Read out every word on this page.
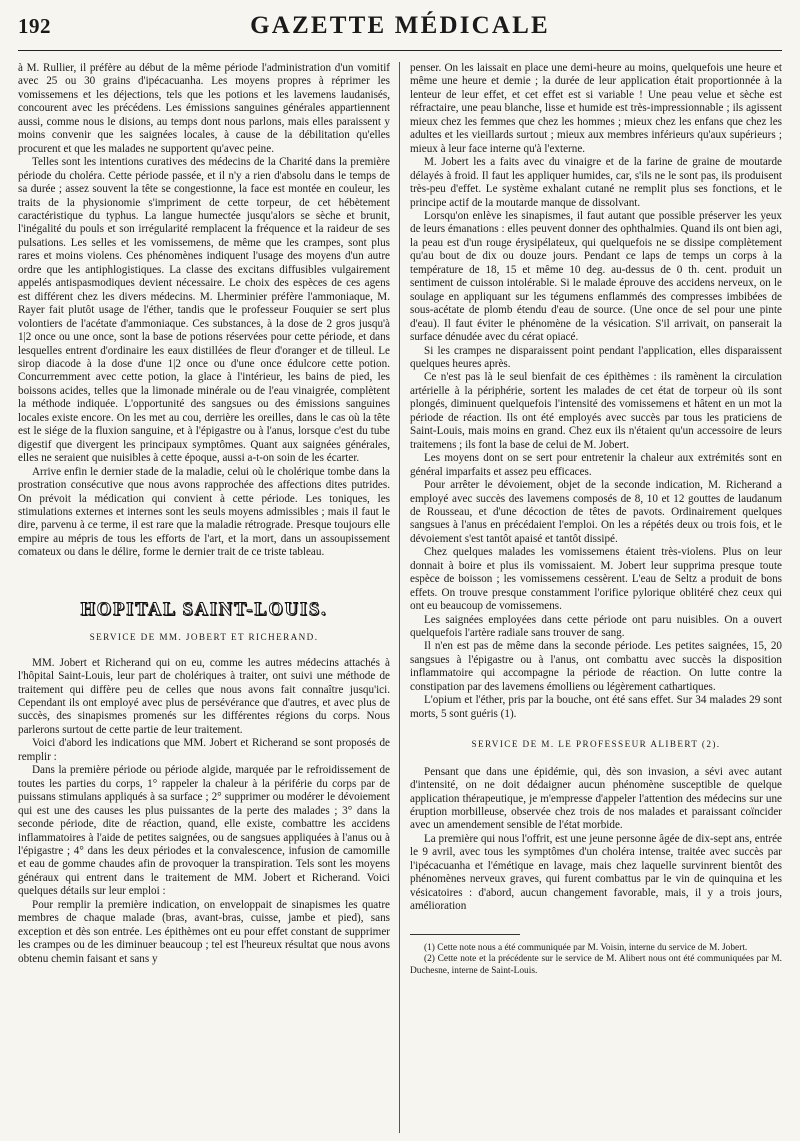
192	GAZETTE MÉDICALE

à M. Rullier, il préfère au début de la même période l'administration d'un vomitif avec 25 ou 30 grains d'ipécacuanha. Les moyens propres à réprimer les vomissemens et les déjections, tels que les potions et les lavemens laudanisés, concourent avec les précédens. Les émissions sanguines générales appartiennent aussi, comme nous le disions, au temps dont nous parlons, mais elles paraissent y moins convenir que les saignées locales, à cause de la débilitation qu'elles procurent et que les malades ne supportent qu'avec peine.

Telles sont les intentions curatives des médecins de la Charité dans la première période du choléra. Cette période passée, et il n'y a rien d'absolu dans le temps de sa durée ; assez souvent la tête se congestionne, la face est montée en couleur, les traits de la physionomie s'impriment de cette torpeur, de cet hébètement caractéristique du typhus. La langue humectée jusqu'alors se sèche et brunit, l'inégalité du pouls et son irrégularité remplacent la fréquence et la raideur de ses pulsations. Les selles et les vomissemens, de même que les crampes, sont plus rares et moins violens. Ces phénomènes indiquent l'usage des moyens d'un autre ordre que les antiphlogistiques. La classe des excitans diffusibles vulgairement appelés antispasmodiques devient nécessaire. Le choix des espèces de ces agens est différent chez les divers médecins. M. Lherminier préfère l'ammoniaque, M. Rayer fait plutôt usage de l'éther, tandis que le professeur Fouquier se sert plus volontiers de l'acétate d'ammoniaque. Ces substances, à la dose de 2 gros jusqu'à 1|2 once ou une once, sont la base de potions réservées pour cette période, et dans lesquelles entrent d'ordinaire les eaux distillées de fleur d'oranger et de tilleul. Le sirop diacode à la dose d'une 1|2 once ou d'une once édulcore cette potion. Concurremment avec cette potion, la glace à l'intérieur, les bains de pied, les boissons acides, telles que la limonade minérale ou de l'eau vinaigrée, complètent la méthode indiquée. L'opportunité des sangsues ou des émissions sanguines locales existe encore. On les met au cou, derrière les oreilles, dans le cas où la tête est le siége de la fluxion sanguine, et à l'épigastre ou à l'anus, lorsque c'est du tube digestif que divergent les principaux symptômes. Quant aux saignées générales, elles ne seraient que nuisibles à cette époque, aussi a-t-on soin de les écarter.

Arrive enfin le dernier stade de la maladie, celui où le cholérique tombe dans la prostration consécutive que nous avons rapprochée des affections dites putrides. On prévoit la médication qui convient à cette période. Les toniques, les stimulations externes et internes sont les seuls moyens admissibles ; mais il faut le dire, parvenu à ce terme, il est rare que la maladie rétrograde. Presque toujours elle empire au mépris de tous les efforts de l'art, et la mort, dans un assoupissement comateux ou dans le délire, forme le dernier trait de ce triste tableau.

HOPITAL SAINT-LOUIS.
SERVICE DE MM. JOBERT ET RICHERAND.

MM. Jobert et Richerand qui on eu, comme les autres médecins attachés à l'hôpital Saint-Louis, leur part de cholériques à traiter, ont suivi une méthode de traitement qui diffère peu de celles que nous avons fait connaître jusqu'ici. Cependant ils ont employé avec plus de persévérance que d'autres, et avec plus de succès, des sinapismes promenés sur les différentes régions du corps. Nous parlerons surtout de cette partie de leur traitement.

Voici d'abord les indications que MM. Jobert et Richerand se sont proposés de remplir :

Dans la première période ou période algide, marquée par le refroidissement de toutes les parties du corps, 1° rappeler la chaleur à la périférie du corps par de puissans stimulans appliqués à sa surface ; 2° supprimer ou modérer le dévoiement qui est une des causes les plus puissantes de la perte des malades ; 3° dans la seconde période, dite de réaction, quand, elle existe, combattre les accidens inflammatoires à l'aide de petites saignées, ou de sangsues appliquées à l'anus ou à l'épigastre ; 4° dans les deux périodes et la convalescence, infusion de camomille et eau de gomme chaudes afin de provoquer la transpiration. Tels sont les moyens généraux qui entrent dans le traitement de MM. Jobert et Richerand. Voici quelques détails sur leur emploi :

Pour remplir la première indication, on enveloppait de sinapismes les quatre membres de chaque malade (bras, avant-bras, cuisse, jambe et pied), sans exception et dès son entrée. Les épithèmes ont eu pour effet constant de supprimer les crampes ou de les diminuer beaucoup ; tel est l'heureux résultat que nous avons obtenu chemin faisant et sans y

penser. On les laissait en place une demi-heure au moins, quelquefois une heure et même une heure et demie ; la durée de leur application était proportionnée à la lenteur de leur effet, et cet effet est si variable ! Une peau velue et sèche est réfractaire, une peau blanche, lisse et humide est très-impressionnable ; ils agissent mieux chez les femmes que chez les hommes ; mieux chez les enfans que chez les adultes et les vieillards surtout ; mieux aux membres inférieurs qu'aux supérieurs ; mieux à leur face interne qu'à l'externe.

M. Jobert les a faits avec du vinaigre et de la farine de graine de moutarde délayés à froid. Il faut les appliquer humides, car, s'ils ne le sont pas, ils produisent très-peu d'effet. Le système exhalant cutané ne remplit plus ses fonctions, et le principe actif de la moutarde manque de dissolvant.

Lorsqu'on enlève les sinapismes, il faut autant que possible préserver les yeux de leurs émanations : elles peuvent donner des ophthalmies. Quand ils ont bien agi, la peau est d'un rouge érysipélateux, qui quelquefois ne se dissipe complètement qu'au bout de dix ou douze jours. Pendant ce laps de temps un corps à la température de 18, 15 et même 10 deg. au-dessus de 0 th. cent. produit un sentiment de cuisson intolérable. Si le malade éprouve des accidens nerveux, on le soulage en appliquant sur les tégumens enflammés des compresses imbibées de sous-acétate de plomb étendu d'eau de source. (Une once de sel pour une pinte d'eau). Il faut éviter le phénomène de la vésication. S'il arrivait, on panserait la surface dénudée avec du cérat opiacé.

Si les crampes ne disparaissent point pendant l'application, elles disparaissent quelques heures après.

Ce n'est pas là le seul bienfait de ces épithèmes : ils ramènent la circulation artérielle à la périphérie, sortent les malades de cet état de torpeur où ils sont plongés, diminuent quelquefois l'intensité des vomissemens et hâtent en un mot la période de réaction. Ils ont été employés avec succès par tous les praticiens de Saint-Louis, mais moins en grand. Chez eux ils n'étaient qu'un accessoire de leurs traitemens ; ils font la base de celui de M. Jobert.

Les moyens dont on se sert pour entretenir la chaleur aux extrémités sont en général imparfaits et assez peu efficaces.

Pour arrêter le dévoiement, objet de la seconde indication, M. Richerand a employé avec succès des lavemens composés de 8, 10 et 12 gouttes de laudanum de Rousseau, et d'une décoction de têtes de pavots. Ordinairement quelques sangsues à l'anus en précédaient l'emploi. On les a répétés deux ou trois fois, et le dévoiement s'est tantôt apaisé et tantôt dissipé.

Chez quelques malades les vomissemens étaient très-violens. Plus on leur donnait à boire et plus ils vomissaient. M. Jobert leur supprima presque toute espèce de boisson ; les vomissemens cessèrent. L'eau de Seltz a produit de bons effets. On trouve presque constamment l'orifice pylorique oblitéré chez ceux qui ont eu beaucoup de vomissemens.

Les saignées employées dans cette période ont paru nuisibles. On a ouvert quelquefois l'artère radiale sans trouver de sang.

Il n'en est pas de même dans la seconde période. Les petites saignées, 15, 20 sangsues à l'épigastre ou à l'anus, ont combattu avec succès la disposition inflammatoire qui accompagne la période de réaction. On lutte contre la constipation par des lavemens émolliens ou légèrement cathartiques.

L'opium et l'éther, pris par la bouche, ont été sans effet. Sur 34 malades 29 sont morts, 5 sont guéris (1).

SERVICE DE M. LE PROFESSEUR ALIBERT (2).

Pensant que dans une épidémie, qui, dès son invasion, a sévi avec autant d'intensité, on ne doit dédaigner aucun phénomène susceptible de quelque application thérapeutique, je m'empresse d'appeler l'attention des médecins sur une éruption morbilleuse, observée chez trois de nos malades et paraissant coïncider avec un amendement sensible de l'état morbide.

La première qui nous l'offrit, est une jeune personne âgée de dix-sept ans, entrée le 9 avril, avec tous les symptômes d'un choléra intense, traitée avec succès par l'ipécacuanha et l'émétique en lavage, mais chez laquelle survinrent bientôt des phénomènes nerveux graves, qui furent combattus par le vin de quinquina et les vésicatoires : d'abord, aucun changement favorable, mais, il y a trois jours, amélioration

(1) Cette note nous a été communiquée par M. Voisin, interne du service de M. Jobert.

(2) Cette note et la précédente sur le service de M. Alibert nous ont été communiquées par M. Duchesne, interne de Saint-Louis.
